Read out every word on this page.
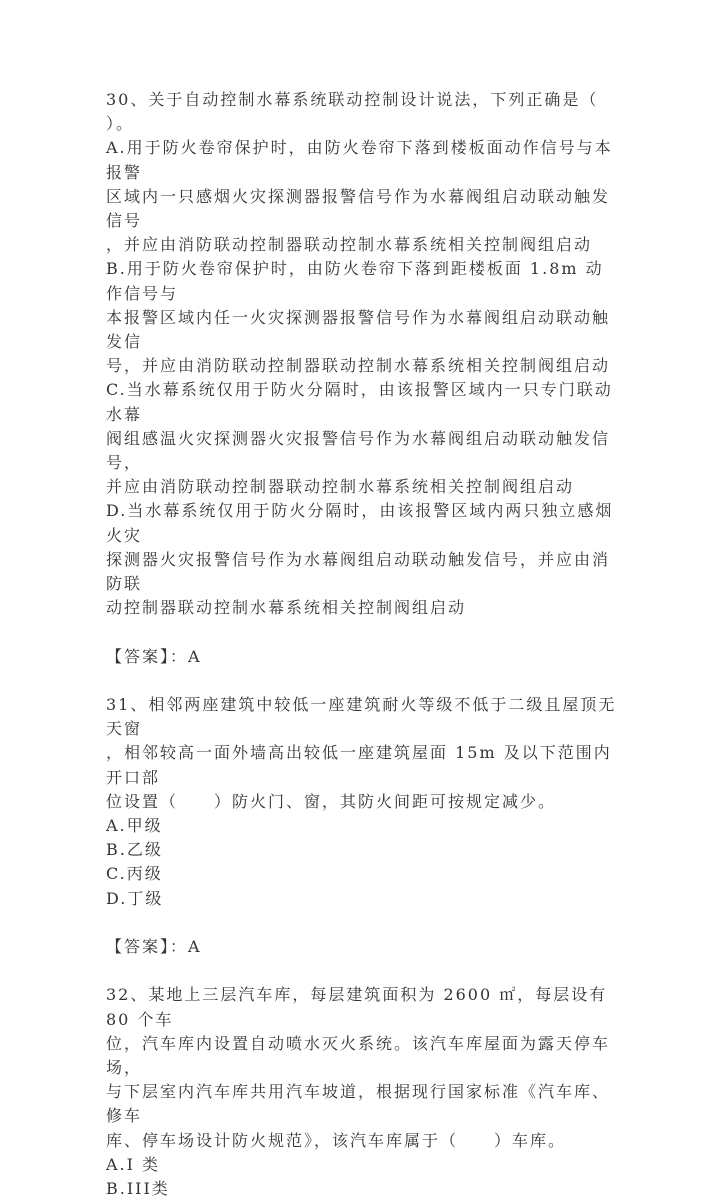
30、关于自动控制水幕系统联动控制设计说法，下列正确是（　　）。
A.用于防火卷帘保护时，由防火卷帘下落到楼板面动作信号与本报警
区域内一只感烟火灾探测器报警信号作为水幕阀组启动联动触发信号
，并应由消防联动控制器联动控制水幕系统相关控制阀组启动
B.用于防火卷帘保护时，由防火卷帘下落到距楼板面 1.8m 动作信号与
本报警区域内任一火灾探测器报警信号作为水幕阀组启动联动触发信
号，并应由消防联动控制器联动控制水幕系统相关控制阀组启动
C.当水幕系统仅用于防火分隔时，由该报警区域内一只专门联动水幕
阀组感温火灾探测器火灾报警信号作为水幕阀组启动联动触发信号，
并应由消防联动控制器联动控制水幕系统相关控制阀组启动
D.当水幕系统仅用于防火分隔时，由该报警区域内两只独立感烟火灾
探测器火灾报警信号作为水幕阀组启动联动触发信号，并应由消防联
动控制器联动控制水幕系统相关控制阀组启动
【答案】：A
31、相邻两座建筑中较低一座建筑耐火等级不低于二级且屋顶无天窗
，相邻较高一面外墙高出较低一座建筑屋面 15m 及以下范围内开口部
位设置（　　）防火门、窗，其防火间距可按规定减少。
A.甲级
B.乙级
C.丙级
D.丁级
【答案】：A
32、某地上三层汽车库，每层建筑面积为 2600 ㎡，每层设有 80 个车
位，汽车库内设置自动喷水灭火系统。该汽车库屋面为露天停车场，
与下层室内汽车库共用汽车坡道，根据现行国家标准《汽车库、修车
库、停车场设计防火规范》，该汽车库属于（　　）车库。
A.I 类
B.III类
